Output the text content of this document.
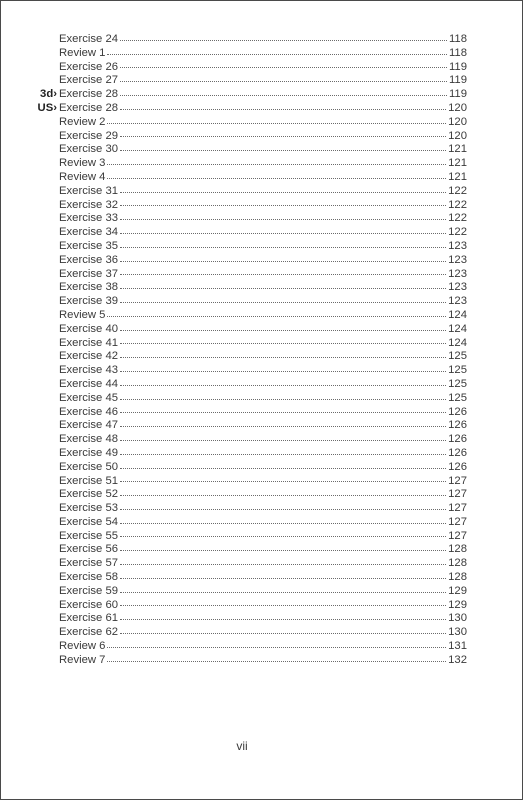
Exercise 24	118
Review 1	118
Exercise 26	119
Exercise 27	119
3d› Exercise 28	119
US› Exercise 28	120
Review 2	120
Exercise 29	120
Exercise 30	121
Review 3	121
Review 4	121
Exercise 31	122
Exercise 32	122
Exercise 33	122
Exercise 34	122
Exercise 35	123
Exercise 36	123
Exercise 37	123
Exercise 38	123
Exercise 39	123
Review 5	124
Exercise 40	124
Exercise 41	124
Exercise 42	125
Exercise 43	125
Exercise 44	125
Exercise 45	125
Exercise 46	126
Exercise 47	126
Exercise 48	126
Exercise 49	126
Exercise 50	126
Exercise 51	127
Exercise 52	127
Exercise 53	127
Exercise 54	127
Exercise 55	127
Exercise 56	128
Exercise 57	128
Exercise 58	128
Exercise 59	129
Exercise 60	129
Exercise 61	130
Exercise 62	130
Review 6	131
Review 7	132
vii
